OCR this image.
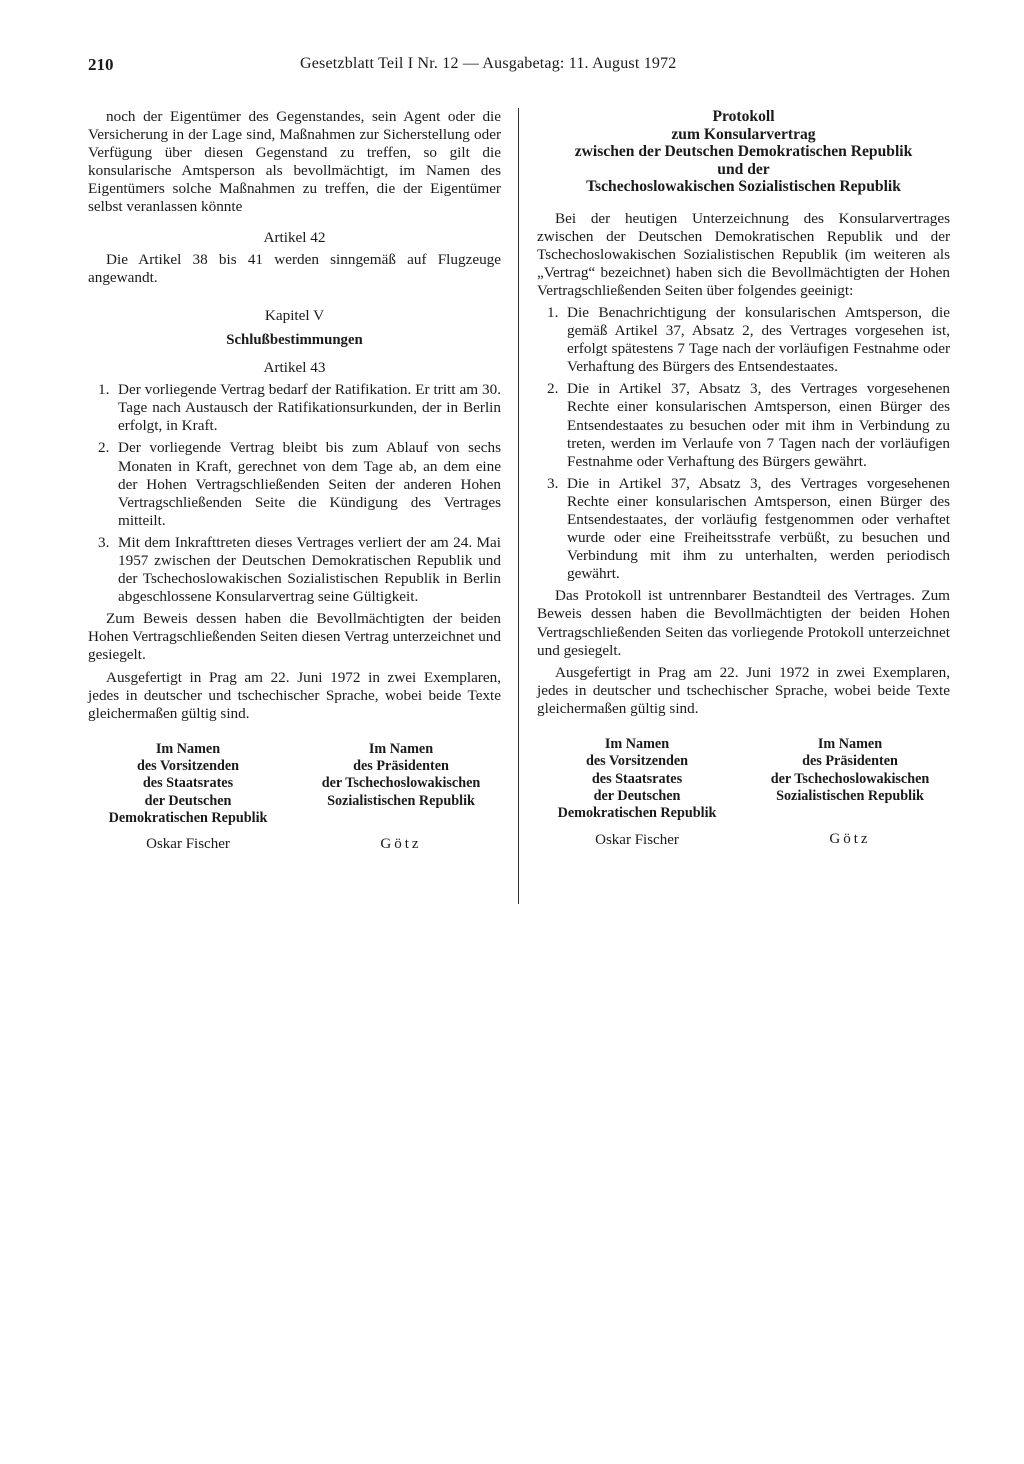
210	Gesetzblatt Teil I Nr. 12 — Ausgabetag: 11. August 1972

noch der Eigentümer des Gegenstandes, sein Agent oder die Versicherung in der Lage sind, Maßnahmen zur Sicherstellung oder Verfügung über diesen Gegenstand zu treffen, so gilt die konsularische Amtsperson als bevollmächtigt, im Namen des Eigentümers solche Maßnahmen zu treffen, die der Eigentümer selbst veranlassen könnte

Artikel 42

Die Artikel 38 bis 41 werden sinngemäß auf Flugzeuge angewandt.

Kapitel V

Schlußbestimmungen

Artikel 43

1. Der vorliegende Vertrag bedarf der Ratifikation. Er tritt am 30. Tage nach Austausch der Ratifikationsurkunden, der in Berlin erfolgt, in Kraft.
2. Der vorliegende Vertrag bleibt bis zum Ablauf von sechs Monaten in Kraft, gerechnet von dem Tage ab, an dem eine der Hohen Vertragschließenden Seiten der anderen Hohen Vertragschließenden Seite die Kündigung des Vertrages mitteilt.
3. Mit dem Inkrafttreten dieses Vertrages verliert der am 24. Mai 1957 zwischen der Deutschen Demokratischen Republik und der Tschechoslowakischen Sozialistischen Republik in Berlin abgeschlossene Konsularvertrag seine Gültigkeit.

Zum Beweis dessen haben die Bevollmächtigten der beiden Hohen Vertragschließenden Seiten diesen Vertrag unterzeichnet und gesiegelt.

Ausgefertigt in Prag am 22. Juni 1972 in zwei Exemplaren, jedes in deutscher und tschechischer Sprache, wobei beide Texte gleichermaßen gültig sind.

Im Namen
des Vorsitzenden
des Staatsrates
der Deutschen
Demokratischen Republik
Oskar Fischer
Im Namen
des Präsidenten
der Tschechoslowakischen
Sozialistischen Republik
Götz
Protokoll
zum Konsularvertrag
zwischen der Deutschen Demokratischen Republik
und der
Tschechoslowakischen Sozialistischen Republik

Bei der heutigen Unterzeichnung des Konsularvertrages zwischen der Deutschen Demokratischen Republik und der Tschechoslowakischen Sozialistischen Republik (im weiteren als „Vertrag“ bezeichnet) haben sich die Bevollmächtigten der Hohen Vertragschließenden Seiten über folgendes geeinigt:

1. Die Benachrichtigung der konsularischen Amtsperson, die gemäß Artikel 37, Absatz 2, des Vertrages vorgesehen ist, erfolgt spätestens 7 Tage nach der vorläufigen Festnahme oder Verhaftung des Bürgers des Entsendestaates.
2. Die in Artikel 37, Absatz 3, des Vertrages vorgesehenen Rechte einer konsularischen Amtsperson, einen Bürger des Entsendestaates zu besuchen oder mit ihm in Verbindung zu treten, werden im Verlaufe von 7 Tagen nach der vorläufigen Festnahme oder Verhaftung des Bürgers gewährt.
3. Die in Artikel 37, Absatz 3, des Vertrages vorgesehenen Rechte einer konsularischen Amtsperson, einen Bürger des Entsendestaates, der vorläufig festgenommen oder verhaftet wurde oder eine Freiheitsstrafe verbüßt, zu besuchen und Verbindung mit ihm zu unterhalten, werden periodisch gewährt.

Das Protokoll ist untrennbarer Bestandteil des Vertrages. Zum Beweis dessen haben die Bevollmächtigten der beiden Hohen Vertragschließenden Seiten das vorliegende Protokoll unterzeichnet und gesiegelt.

Ausgefertigt in Prag am 22. Juni 1972 in zwei Exemplaren, jedes in deutscher und tschechischer Sprache, wobei beide Texte gleichermaßen gültig sind.

Im Namen
des Vorsitzenden
des Staatsrates
der Deutschen
Demokratischen Republik
Oskar Fischer
Im Namen
des Präsidenten
der Tschechoslowakischen
Sozialistischen Republik
Götz
